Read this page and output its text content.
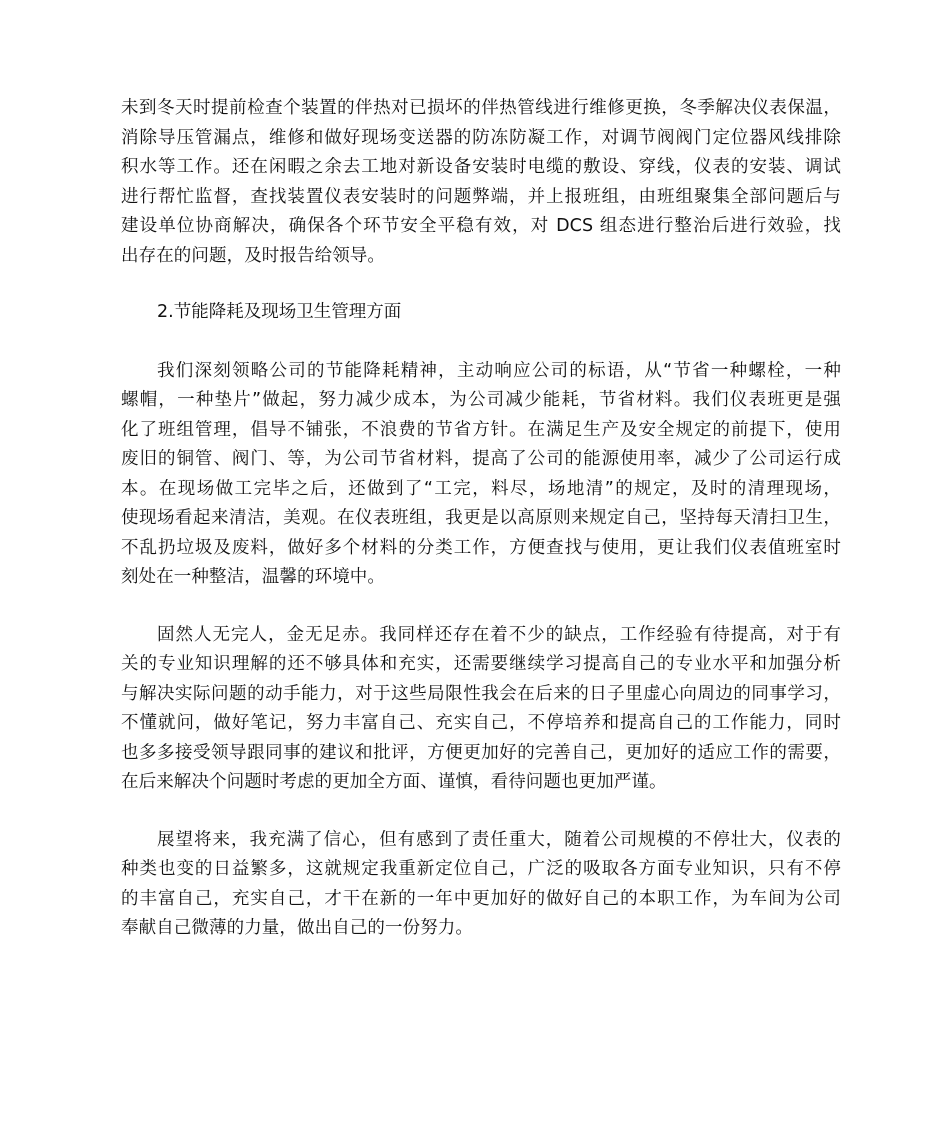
未到冬天时提前检查个装置的伴热对已损坏的伴热管线进行维修更换，冬季解决仪表保温，
消除导压管漏点，维修和做好现场变送器的防冻防凝工作，对调节阀阀门定位器风线排除
积水等工作。还在闲暇之余去工地对新设备安装时电缆的敷设、穿线，仪表的安装、调试
进行帮忙监督，查找装置仪表安装时的问题弊端，并上报班组，由班组聚集全部问题后与
建设单位协商解决，确保各个环节安全平稳有效，对 DCS 组态进行整治后进行效验，找
出存在的问题，及时报告给领导。

2.节能降耗及现场卫生管理方面

我们深刻领略公司的节能降耗精神，主动响应公司的标语，从“节省一种螺栓，一种
螺帽，一种垫片”做起，努力减少成本，为公司减少能耗，节省材料。我们仪表班更是强
化了班组管理，倡导不铺张，不浪费的节省方针。在满足生产及安全规定的前提下，使用
废旧的铜管、阀门、等，为公司节省材料，提高了公司的能源使用率，减少了公司运行成
本。在现场做工完毕之后，还做到了“工完，料尽，场地清”的规定，及时的清理现场，
使现场看起来清洁，美观。在仪表班组，我更是以高原则来规定自己，坚持每天清扫卫生，
不乱扔垃圾及废料，做好多个材料的分类工作，方便查找与使用，更让我们仪表值班室时
刻处在一种整洁，温馨的环境中。

固然人无完人，金无足赤。我同样还存在着不少的缺点，工作经验有待提高，对于有
关的专业知识理解的还不够具体和充实，还需要继续学习提高自己的专业水平和加强分析
与解决实际问题的动手能力，对于这些局限性我会在后来的日子里虚心向周边的同事学习，
不懂就问，做好笔记，努力丰富自己、充实自己，不停培养和提高自己的工作能力，同时
也多多接受领导跟同事的建议和批评，方便更加好的完善自己，更加好的适应工作的需要，
在后来解决个问题时考虑的更加全方面、谨慎，看待问题也更加严谨。

展望将来，我充满了信心，但有感到了责任重大，随着公司规模的不停壮大，仪表的
种类也变的日益繁多，这就规定我重新定位自己，广泛的吸取各方面专业知识，只有不停
的丰富自己，充实自己，才干在新的一年中更加好的做好自己的本职工作，为车间为公司
奉献自己微薄的力量，做出自己的一份努力。
